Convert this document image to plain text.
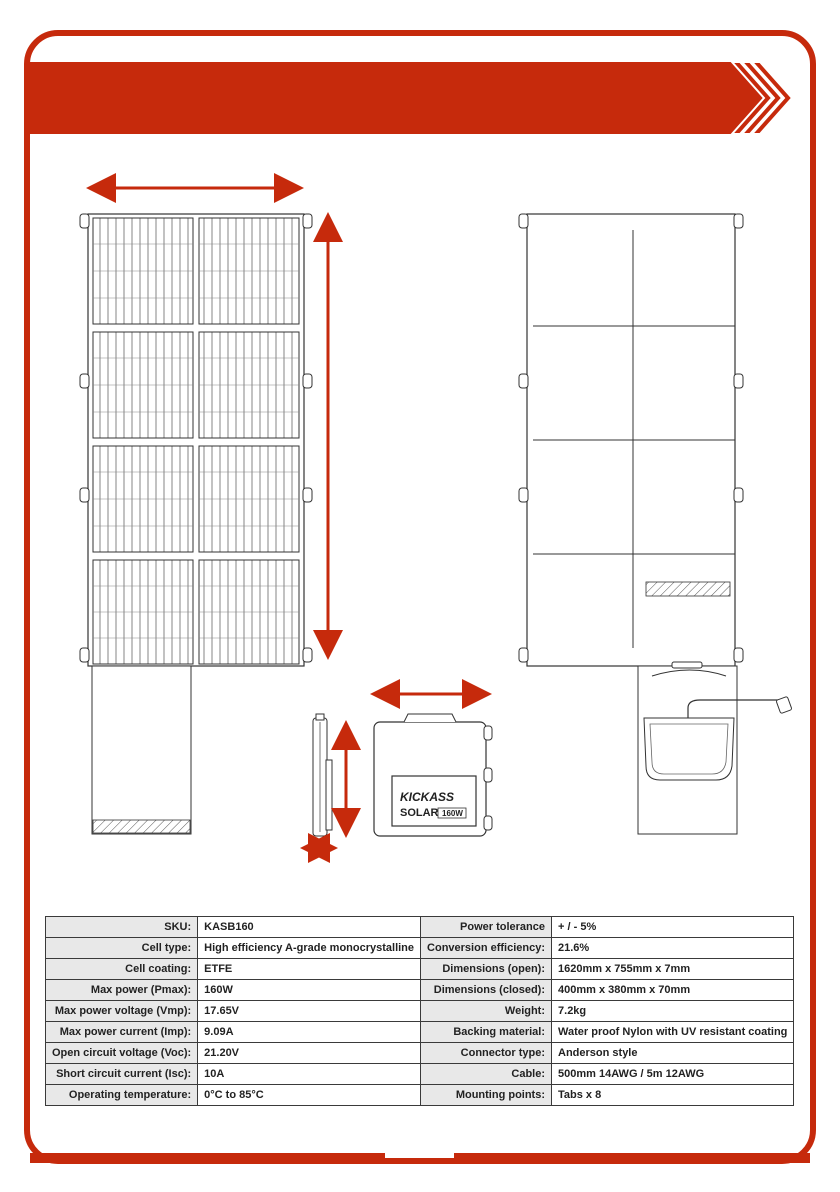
KICKASS
SOLAR 160W
SKU:	KASB160	Power tolerance	+ / - 5%
Cell type:	High efficiency A-grade monocrystalline	Conversion efficiency:	21.6%
Cell coating:	ETFE	Dimensions (open):	1620mm x 755mm x 7mm
Max power (Pmax):	160W	Dimensions (closed):	400mm x 380mm x 70mm
Max power voltage (Vmp):	17.65V	Weight:	7.2kg
Max power current (Imp):	9.09A	Backing material:	Water proof Nylon with UV resistant coating
Open circuit voltage (Voc):	21.20V	Connector type:	Anderson style
Short circuit current (Isc):	10A	Cable:	500mm 14AWG / 5m 12AWG
Operating temperature:	0°C to 85°C	Mounting points:	Tabs x 8
